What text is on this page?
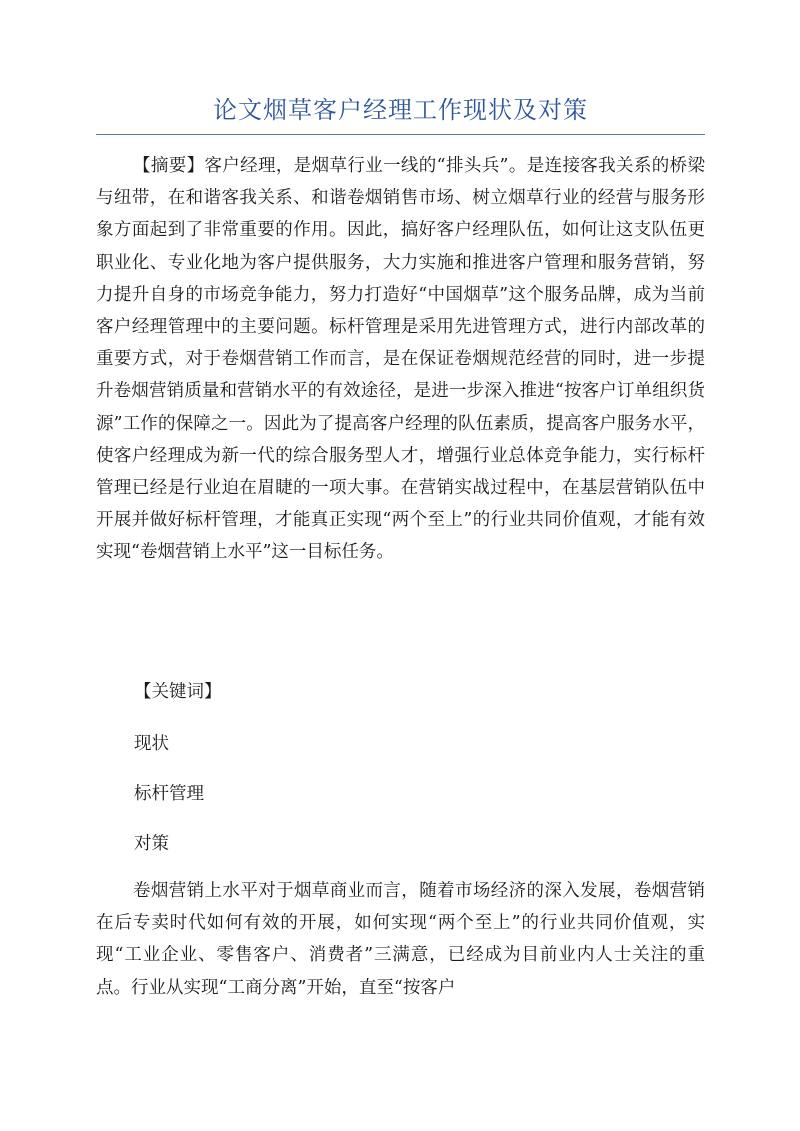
论文烟草客户经理工作现状及对策

【摘要】客户经理，是烟草行业一线的“排头兵”。是连接客我关系的桥梁与纽带，在和谐客我关系、和谐卷烟销售市场、树立烟草行业的经营与服务形象方面起到了非常重要的作用。因此，搞好客户经理队伍，如何让这支队伍更职业化、专业化地为客户提供服务，大力实施和推进客户管理和服务营销，努力提升自身的市场竞争能力，努力打造好“中国烟草”这个服务品牌，成为当前客户经理管理中的主要问题。标杆管理是采用先进管理方式，进行内部改革的重要方式，对于卷烟营销工作而言，是在保证卷烟规范经营的同时，进一步提升卷烟营销质量和营销水平的有效途径，是进一步深入推进“按客户订单组织货源”工作的保障之一。因此为了提高客户经理的队伍素质，提高客户服务水平，使客户经理成为新一代的综合服务型人才，增强行业总体竞争能力，实行标杆管理已经是行业迫在眉睫的一项大事。在营销实战过程中，在基层营销队伍中开展并做好标杆管理，才能真正实现“两个至上”的行业共同价值观，才能有效实现“卷烟营销上水平”这一目标任务。

【关键词】

现状

标杆管理

对策

卷烟营销上水平对于烟草商业而言，随着市场经济的深入发展，卷烟营销在后专卖时代如何有效的开展，如何实现“两个至上”的行业共同价值观，实现“工业企业、零售客户、消费者”三满意，已经成为目前业内人士关注的重点。行业从实现“工商分离”开始，直至“按客户
